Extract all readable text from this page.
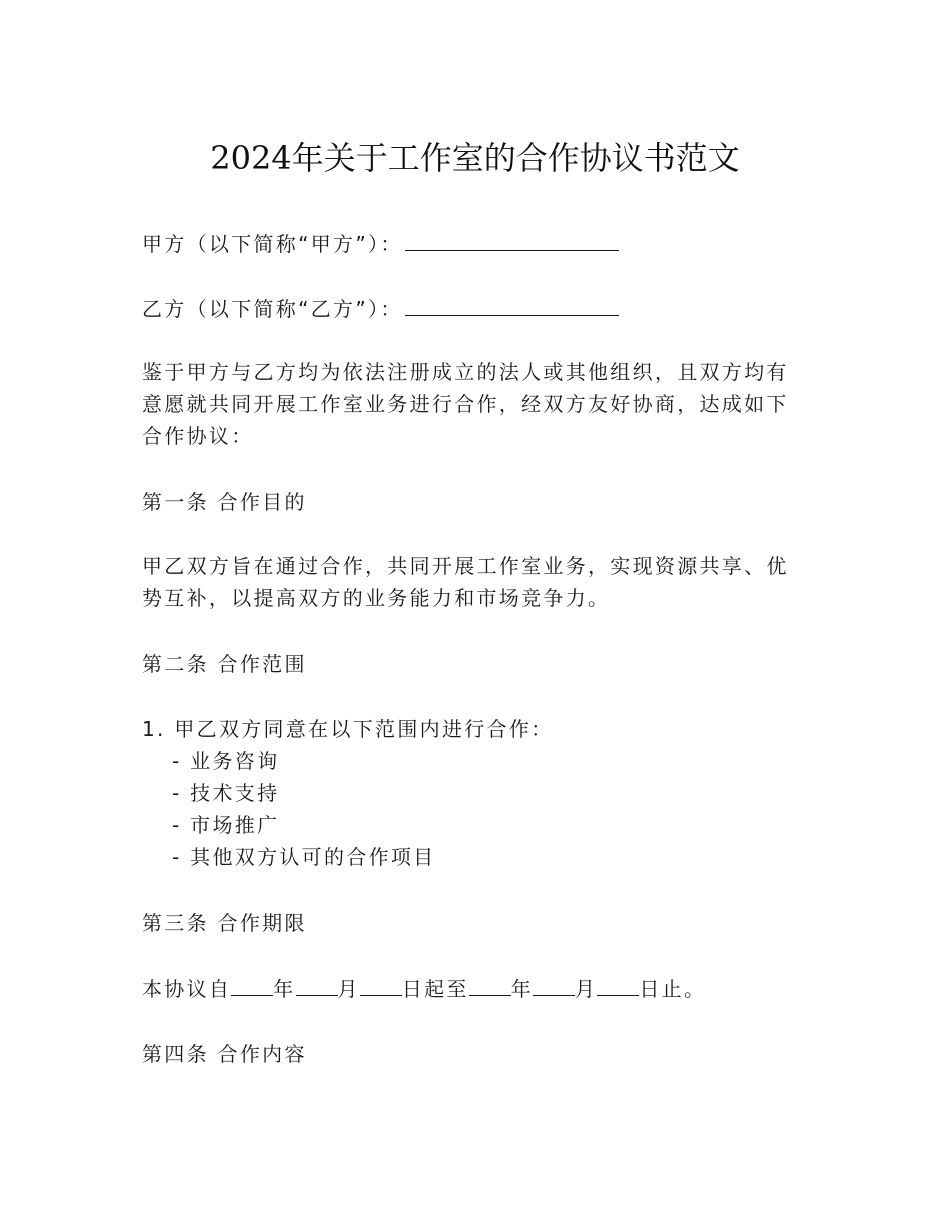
2024年关于工作室的合作协议书范文
甲方（以下简称“甲方”）：
乙方（以下简称“乙方”）：
鉴于甲方与乙方均为依法注册成立的法人或其他组织，且双方均有意愿就共同开展工作室业务进行合作，经双方友好协商，达成如下合作协议：
第一条 合作目的
甲乙双方旨在通过合作，共同开展工作室业务，实现资源共享、优势互补，以提高双方的业务能力和市场竞争力。
第二条 合作范围
1. 甲乙双方同意在以下范围内进行合作：
- 业务咨询
- 技术支持
- 市场推广
- 其他双方认可的合作项目
第三条 合作期限
本协议自 年 月 日起至 年 月 日止。
第四条 合作内容
